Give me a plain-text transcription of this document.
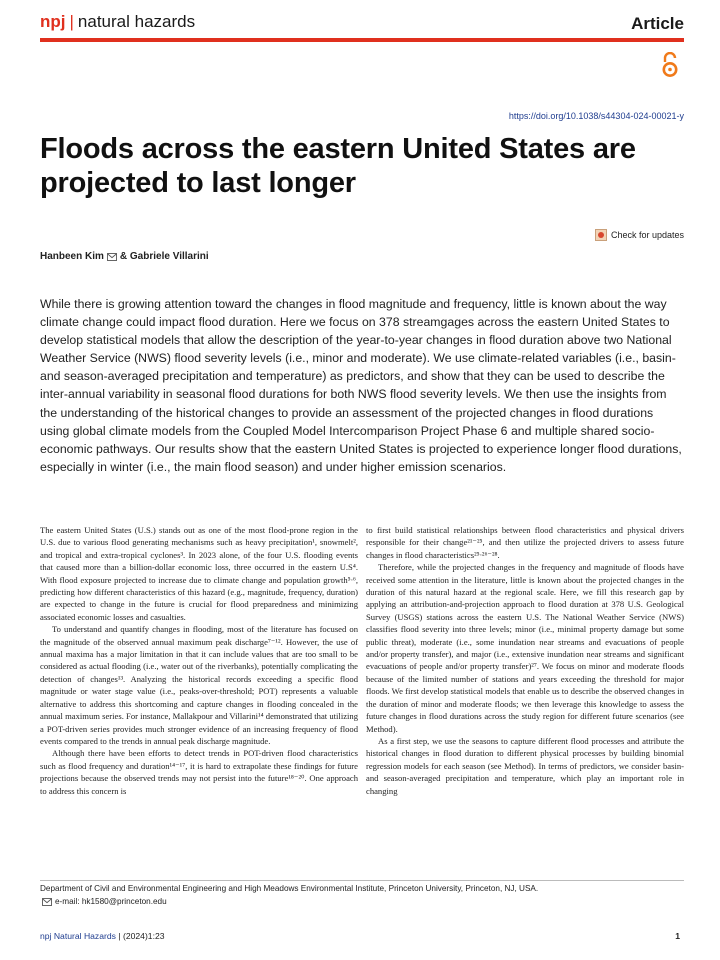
npj | natural hazards	Article
https://doi.org/10.1038/s44304-024-00021-y
Floods across the eastern United States are projected to last longer
Check for updates
Hanbeen Kim & Gabriele Villarini

While there is growing attention toward the changes in flood magnitude and frequency, little is known about the way climate change could impact flood duration. Here we focus on 378 streamgages across the eastern United States to develop statistical models that allow the description of the year-to-year changes in flood duration above two National Weather Service (NWS) flood severity levels (i.e., minor and moderate). We use climate-related variables (i.e., basin- and season-averaged precipitation and temperature) as predictors, and show that they can be used to describe the inter-annual variability in seasonal flood durations for both NWS flood severity levels. We then use the insights from the understanding of the historical changes to provide an assessment of the projected changes in flood durations using global climate models from the Coupled Model Intercomparison Project Phase 6 and multiple shared socio-economic pathways. Our results show that the eastern United States is projected to experience longer flood durations, especially in winter (i.e., the main flood season) and under higher emission scenarios.

The eastern United States (U.S.) stands out as one of the most flood-prone region in the U.S. due to various flood generating mechanisms such as heavy precipitation¹, snowmelt², and tropical and extra-tropical cyclones³. In 2023 alone, of the four U.S. flooding events that caused more than a billion-dollar economic loss, three occurred in the eastern U.S⁴. With flood exposure projected to increase due to climate change and population growth⁵ᐧ⁶, predicting how different characteristics of this hazard (e.g., magnitude, frequency, duration) are expected to change in the future is crucial for flood preparedness and minimizing associated economic losses and casualties.

To understand and quantify changes in flooding, most of the literature has focused on the magnitude of the observed annual maximum peak discharge⁷⁻¹². However, the use of annual maxima has a major limitation in that it can include values that are too small to be considered as actual flooding (i.e., water out of the riverbanks), potentially complicating the detection of changes¹³. Analyzing the historical records exceeding a specific flood magnitude or water stage value (i.e., peaks-over-threshold; POT) represents a valuable alternative to address this shortcoming and capture changes in flooding concealed in the annual maximum series. For instance, Mallakpour and Villarini¹⁴ demonstrated that utilizing a POT-driven series provides much stronger evidence of an increasing frequency of flood events compared to the trends in annual peak discharge magnitude.

Although there have been efforts to detect trends in POT-driven flood characteristics such as flood frequency and duration¹⁴⁻¹⁷, it is hard to extrapolate these findings for future projections because the observed trends may not persist into the future¹⁸⁻²⁰. One approach to address this concern is

to first build statistical relationships between flood characteristics and physical drivers responsible for their change²¹⁻²⁵, and then utilize the projected drivers to assess future changes in flood characteristics²⁵ᐧ²⁶⁻²⁸.

Therefore, while the projected changes in the frequency and magnitude of floods have received some attention in the literature, little is known about the projected changes in the duration of this natural hazard at the regional scale. Here, we fill this research gap by applying an attribution-and-projection approach to flood duration at 378 U.S. Geological Survey (USGS) stations across the eastern U.S. The National Weather Service (NWS) classifies flood severity into three levels; minor (i.e., minimal property damage but some public threat), moderate (i.e., some inundation near streams and evacuations of people and/or property transfer), and major (i.e., extensive inundation near streams and significant evacuations of people and/or property transfer)²⁷. We focus on minor and moderate floods because of the limited number of stations and years exceeding the threshold for major floods. We first develop statistical models that enable us to describe the observed changes in the duration of minor and moderate floods; we then leverage this knowledge to assess the future changes in flood durations across the study region for different future scenarios (see Method).

As a first step, we use the seasons to capture different flood processes and attribute the historical changes in flood duration to different physical processes by building binomial regression models for each season (see Method). In terms of predictors, we consider basin- and season-averaged precipitation and temperature, which play an important role in changing

Department of Civil and Environmental Engineering and High Meadows Environmental Institute, Princeton University, Princeton, NJ, USA.
e-mail:
hk1580@princeton.edu
npj Natural Hazards | (2024)1:23	1
